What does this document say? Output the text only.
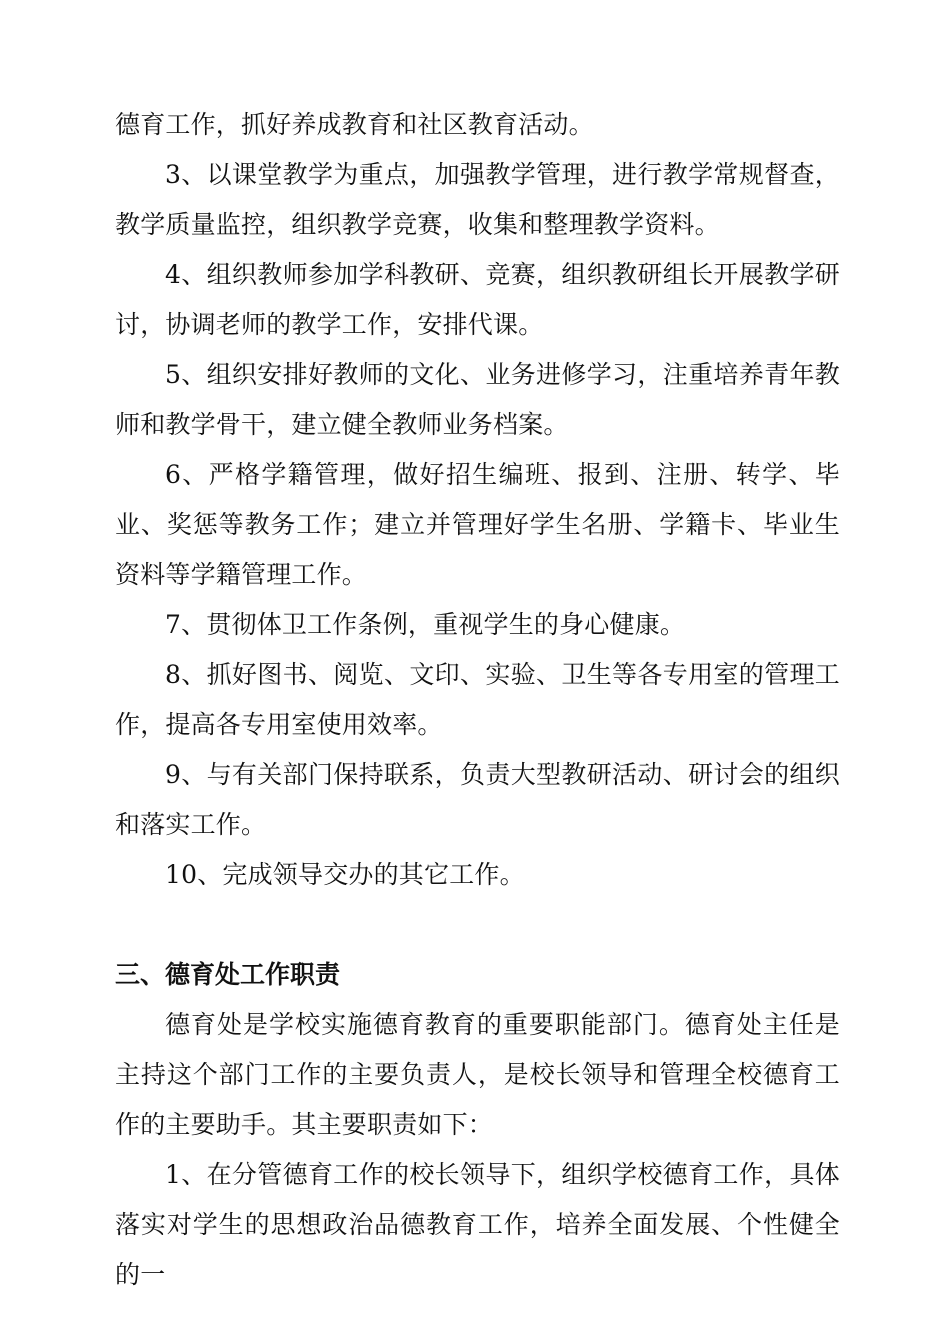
德育工作，抓好养成教育和社区教育活动。

3、以课堂教学为重点，加强教学管理，进行教学常规督查，教学质量监控，组织教学竞赛，收集和整理教学资料。

4、组织教师参加学科教研、竞赛，组织教研组长开展教学研讨，协调老师的教学工作，安排代课。

5、组织安排好教师的文化、业务进修学习，注重培养青年教师和教学骨干，建立健全教师业务档案。

6、严格学籍管理，做好招生编班、报到、注册、转学、毕业、奖惩等教务工作；建立并管理好学生名册、学籍卡、毕业生资料等学籍管理工作。

7、贯彻体卫工作条例，重视学生的身心健康。

8、抓好图书、阅览、文印、实验、卫生等各专用室的管理工作，提高各专用室使用效率。

9、与有关部门保持联系，负责大型教研活动、研讨会的组织和落实工作。

10、完成领导交办的其它工作。

三、德育处工作职责

德育处是学校实施德育教育的重要职能部门。德育处主任是主持这个部门工作的主要负责人，是校长领导和管理全校德育工作的主要助手。其主要职责如下：

1、在分管德育工作的校长领导下，组织学校德育工作，具体落实对学生的思想政治品德教育工作，培养全面发展、个性健全的一
